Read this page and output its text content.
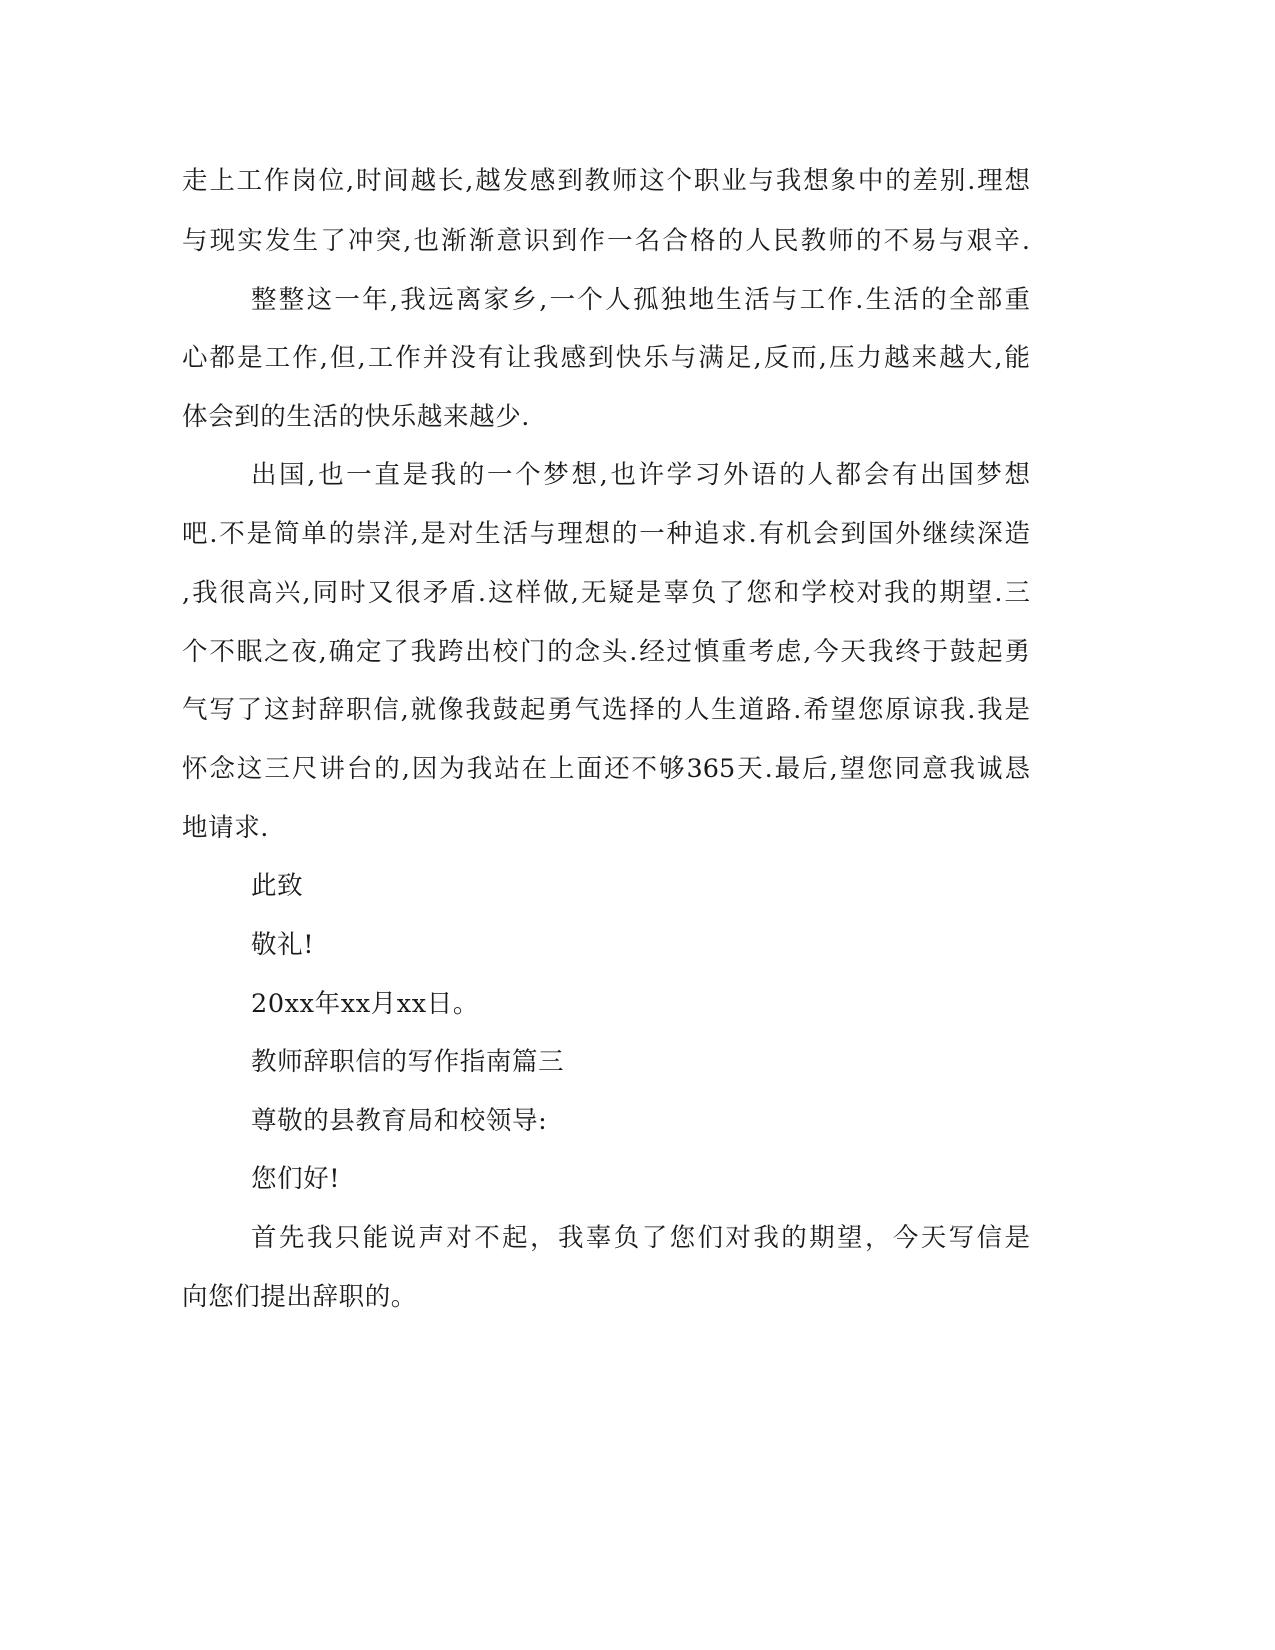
走上工作岗位,时间越长,越发感到教师这个职业与我想象中的差别.理想

与现实发生了冲突,也渐渐意识到作一名合格的人民教师的不易与艰辛.

整整这一年,我远离家乡,一个人孤独地生活与工作.生活的全部重

心都是工作,但,工作并没有让我感到快乐与满足,反而,压力越来越大,能

体会到的生活的快乐越来越少.

出国,也一直是我的一个梦想,也许学习外语的人都会有出国梦想

吧.不是简单的崇洋,是对生活与理想的一种追求.有机会到国外继续深造

,我很高兴,同时又很矛盾.这样做,无疑是辜负了您和学校对我的期望.三

个不眠之夜,确定了我跨出校门的念头.经过慎重考虑,今天我终于鼓起勇

气写了这封辞职信,就像我鼓起勇气选择的人生道路.希望您原谅我.我是

怀念这三尺讲台的,因为我站在上面还不够365天.最后,望您同意我诚恳

地请求.

此致

敬礼!

20xx年xx月xx日。

教师辞职信的写作指南篇三

尊敬的县教育局和校领导:

您们好!

首先我只能说声对不起，我辜负了您们对我的期望，今天写信是

向您们提出辞职的。
